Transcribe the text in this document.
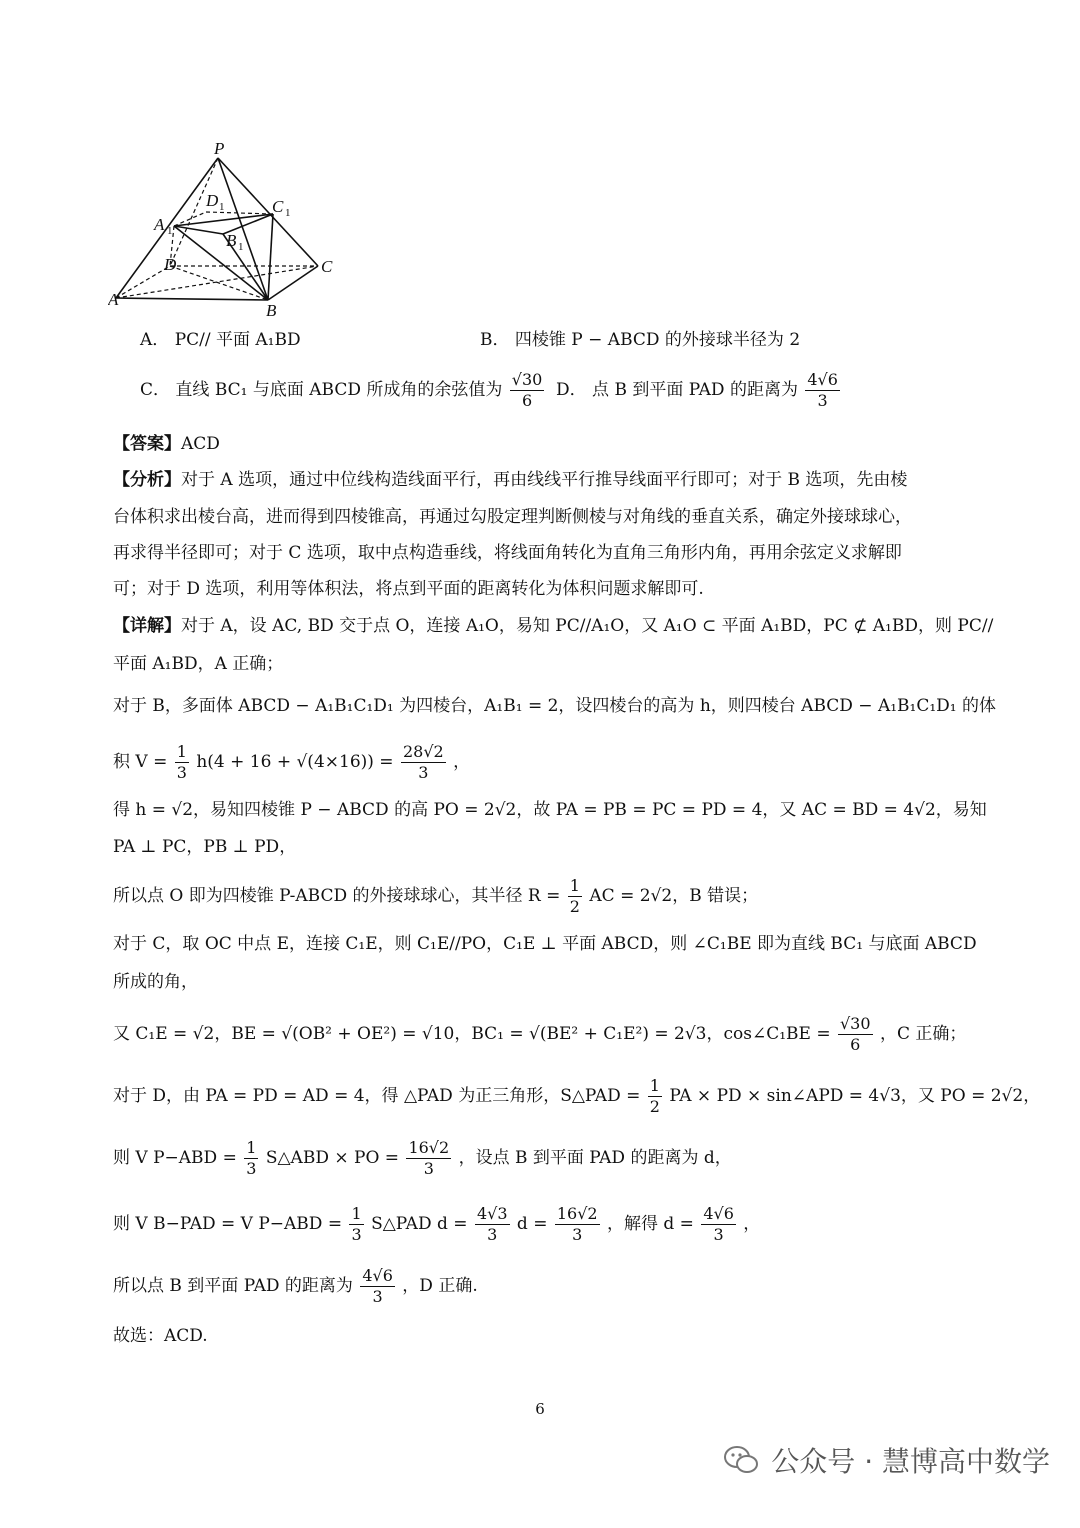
P
A 1
D 1	C 1
B 1
D	C
A
B
A． PC// 平面 A₁BD	B． 四棱锥 P − ABCD 的外接球半径为 2
C． 直线 BC₁ 与底面 ABCD 所成角的余弦值为 $\frac{√30}{6}$ D． 点 B 到平面 PAD 的距离为 $\frac{4√6}{3}$
【答案】ACD
【分析】对于 A 选项，通过中位线构造线面平行，再由线线平行推导线面平行即可；对于 B 选项，先由棱
台体积求出棱台高，进而得到四棱锥高，再通过勾股定理判断侧棱与对角线的垂直关系，确定外接球球心，
再求得半径即可；对于 C 选项，取中点构造垂线，将线面角转化为直角三角形内角，再用余弦定义求解即
可；对于 D 选项，利用等体积法，将点到平面的距离转化为体积问题求解即可.
【详解】对于 A，设 AC, BD 交于点 O，连接 A₁O，易知 PC//A₁O，又 A₁O ⊂ 平面 A₁BD，PC ⊄ A₁BD，则 PC//
平面 A₁BD，A 正确；
对于 B，多面体 ABCD − A₁B₁C₁D₁ 为四棱台，A₁B₁ = 2，设四棱台的高为 h，则四棱台 ABCD − A₁B₁C₁D₁ 的体
积 $V = \frac{1}{3} h(4 + 16 + √(4\times 16)) = \frac{28√2}{3}$ ，
得 h = √2，易知四棱锥 P − ABCD 的高 PO = 2√2，故 PA = PB = PC = PD = 4，又 AC = BD = 4√2，易知
PA ⊥ PC，PB ⊥ PD，
所以点 O 即为四棱锥 P-ABCD 的外接球球心，其半径 $R = \frac{1}{2}$ AC = 2√2，B 错误；
对于 C，取 OC 中点 E，连接 C₁E，则 C₁E//PO，C₁E ⊥ 平面 ABCD，则 ∠C₁BE 即为直线 BC₁ 与底面 ABCD
所成的角，
又 C₁E = √2，BE = √(OB² + OE²) = √10，BC₁ = √(BE² + C₁E²) = 2√3，cos∠C₁BE = $\frac{√30}{6}$ ，C 正确；
对于 D，由 PA = PD = AD = 4，得 △PAD 为正三角形，S△PAD = $\frac{1}{2}$ PA × PD × sin∠APD = 4√3，又 PO = 2√2，
则 V $P-ABD = \frac{1}{3}$ S△ABD × PO = $\frac{16√2}{3}$ ，设点 B 到平面 PAD 的距离为 d，
则 V B−PAD = V $P-ABD = \frac{1}{3}$ S△PAD $d = \frac{4√3}{3}$ $d = \frac{16√2}{3}$ ，解得 $d = \frac{4√6}{3}$ ，
所以点 B 到平面 PAD 的距离为 $\frac{4√6}{3}$ ，D 正确.
故选：ACD.
6
公众号 · 慧博高中数学
